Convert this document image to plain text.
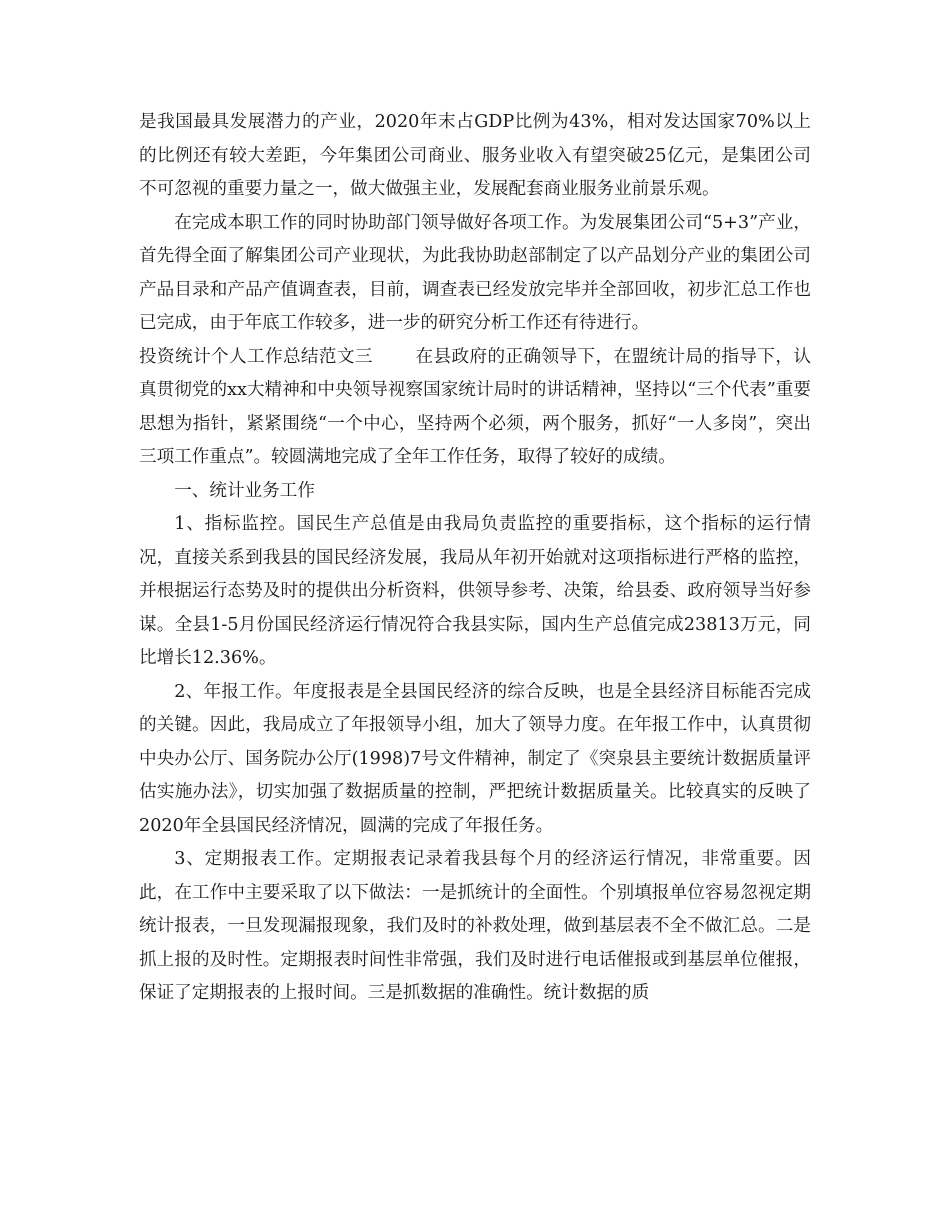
是我国最具发展潜力的产业，2020年末占GDP比例为43%，相对发达国家70%以上的比例还有较大差距，今年集团公司商业、服务业收入有望突破25亿元，是集团公司不可忽视的重要力量之一，做大做强主业，发展配套商业服务业前景乐观。

在完成本职工作的同时协助部门领导做好各项工作。为发展集团公司“5+3”产业，首先得全面了解集团公司产业现状，为此我协助赵部制定了以产品划分产业的集团公司产品目录和产品产值调查表，目前，调查表已经发放完毕并全部回收，初步汇总工作也已完成，由于年底工作较多，进一步的研究分析工作还有待进行。

投资统计个人工作总结范文三 在县政府的正确领导下，在盟统计局的指导下，认真贯彻党的xx大精神和中央领导视察国家统计局时的讲话精神，坚持以“三个代表”重要思想为指针，紧紧围绕“一个中心，坚持两个必须，两个服务，抓好“一人多岗”，突出三项工作重点”。较圆满地完成了全年工作任务，取得了较好的成绩。

一、统计业务工作

1、指标监控。国民生产总值是由我局负责监控的重要指标，这个指标的运行情况，直接关系到我县的国民经济发展，我局从年初开始就对这项指标进行严格的监控，并根据运行态势及时的提供出分析资料，供领导参考、决策，给县委、政府领导当好参谋。全县1-5月份国民经济运行情况符合我县实际，国内生产总值完成23813万元，同比增长12.36%。

2、年报工作。年度报表是全县国民经济的综合反映，也是全县经济目标能否完成的关键。因此，我局成立了年报领导小组，加大了领导力度。在年报工作中，认真贯彻中央办公厅、国务院办公厅(1998)7号文件精神，制定了《突泉县主要统计数据质量评估实施办法》，切实加强了数据质量的控制，严把统计数据质量关。比较真实的反映了2020年全县国民经济情况，圆满的完成了年报任务。

3、定期报表工作。定期报表记录着我县每个月的经济运行情况，非常重要。因此，在工作中主要采取了以下做法：一是抓统计的全面性。个别填报单位容易忽视定期统计报表，一旦发现漏报现象，我们及时的补救处理，做到基层表不全不做汇总。二是抓上报的及时性。定期报表时间性非常强，我们及时进行电话催报或到基层单位催报，保证了定期报表的上报时间。三是抓数据的准确性。统计数据的质
